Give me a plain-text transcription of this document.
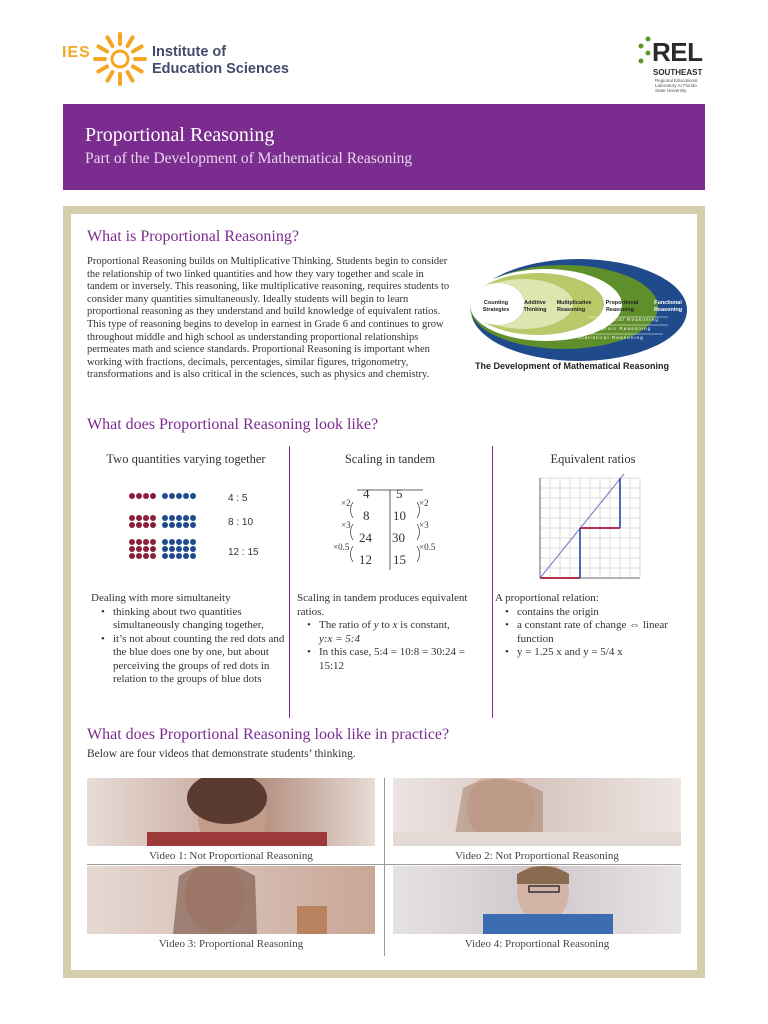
IES	Institute of
Education Sciences
REL
SOUTHEAST
Regional Educational Laboratory At Florida State University
Proportional Reasoning
Part of the Development of Mathematical Reasoning
What is Proportional Reasoning?
Proportional Reasoning builds on Multiplicative Thinking. Students begin to consider the relationship of two linked quantities and how they vary together and scale in tandem or inversely. This reasoning, like multiplicative reasoning, requires students to consider many quantities simultaneously. Ideally students will begin to learn proportional reasoning as they understand and build knowledge of equivalent ratios. This type of reasoning begins to develop in earnest in Grade 6 and continues to grow throughout middle and high school as understanding proportional relationships permeates math and science standards. Proportional Reasoning is important when working with fractions, decimals, percentages, similar figures, trigonometry, transformations and is also critical in the sciences, such as physics and chemistry.
Counting
Strategies
Additive
Thinking
Multiplicative
Reasoning
Proportional
Reasoning
Functional
Reasoning
Spatial Reasoning
Algebraic Reasoning
Statistical Reasoning
The Development of Mathematical Reasoning
What does Proportional Reasoning look like?
Two quantities varying together
4 : 5
8 : 10
12 : 15
Dealing with more simultaneity
• thinking about two quantities simultaneously changing together,
• it’s not about counting the red dots and the blue does one by one, but about perceiving the groups of red dots in relation to the groups of blue dots
Scaling in tandem
4
8
24
12
5
10
30
15
×2
×3
×0.5
×2
×3
×0.5
Scaling in tandem produces equivalent ratios.
• The ratio of y to x is constant,
y:x = 5:4
• In this case, 5:4 = 10:8 = 30:24 = 15:12
Equivalent ratios
A proportional relation:
• contains the origin
• a constant rate of change ⇔ linear function
• y = 1.25 x and y = 5/4 x
What does Proportional Reasoning look like in practice?
Below are four videos that demonstrate students’ thinking.
Video 1: Not Proportional Reasoning	Video 2: Not Proportional Reasoning
Video 3: Proportional Reasoning	Video 4: Proportional Reasoning
